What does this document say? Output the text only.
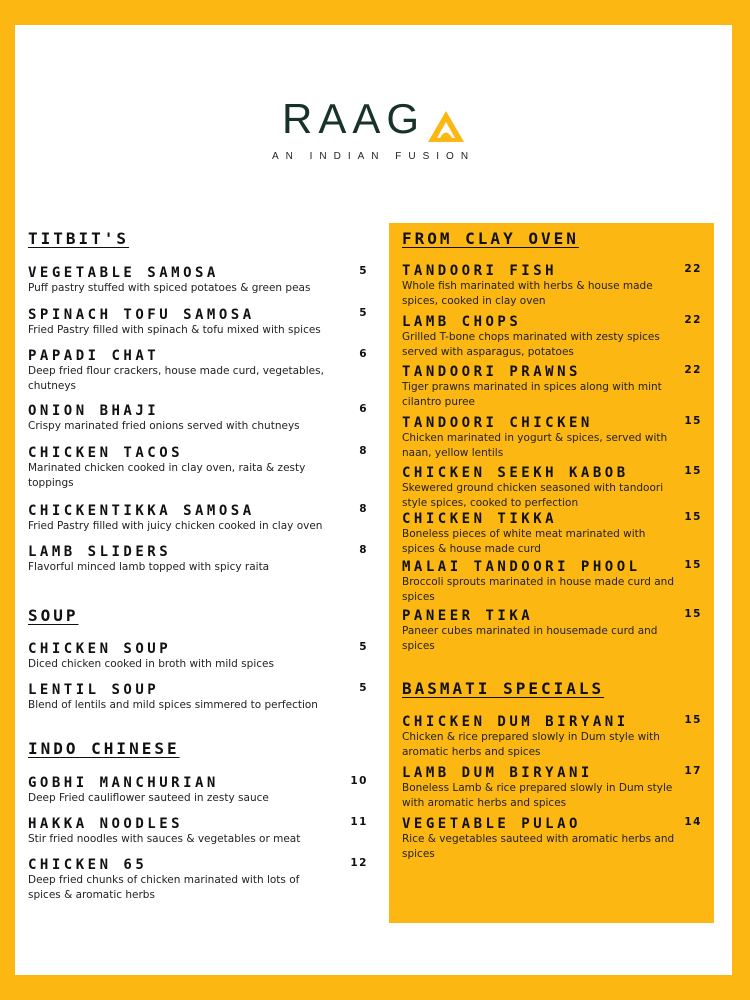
RAAG
AN INDIAN FUSION
TITBIT'S
VEGETABLE SAMOSA
Puff pastry stuffed with spiced potatoes & green peas
5
SPINACH TOFU SAMOSA
Fried Pastry filled with spinach & tofu mixed with spices
5
PAPADI CHAT
Deep fried flour crackers, house made curd, vegetables, chutneys
6
ONION BHAJI
Crispy marinated fried onions served with chutneys
6
CHICKEN TACOS
Marinated chicken cooked in clay oven, raita & zesty toppings
8
CHICKENTIKKA SAMOSA
Fried Pastry filled with juicy chicken cooked in clay oven
8
LAMB SLIDERS
Flavorful minced lamb topped with spicy raita
8
SOUP
CHICKEN SOUP
Diced chicken cooked in broth with mild spices
5
LENTIL SOUP
Blend of lentils and mild spices simmered to perfection
5
INDO CHINESE
GOBHI MANCHURIAN
Deep Fried cauliflower sauteed in zesty sauce
10
HAKKA NOODLES
Stir fried noodles with sauces & vegetables or meat
11
CHICKEN 65
Deep fried chunks of chicken marinated with lots of spices & aromatic herbs
12
FROM CLAY OVEN
TANDOORI FISH
Whole fish marinated with herbs & house made spices, cooked in clay oven
22
LAMB CHOPS
Grilled T-bone chops marinated with zesty spices served with asparagus, potatoes
22
TANDOORI PRAWNS
Tiger prawns marinated in spices along with mint cilantro puree
22
TANDOORI CHICKEN
Chicken marinated in yogurt & spices, served with naan, yellow lentils
15
CHICKEN SEEKH KABOB
Skewered ground chicken seasoned with tandoori style spices, cooked to perfection
15
CHICKEN TIKKA
Boneless pieces of white meat marinated with spices & house made curd
15
MALAI TANDOORI PHOOL
Broccoli sprouts marinated in house made curd and spices
15
PANEER TIKA
Paneer cubes marinated in housemade curd and spices
15
BASMATI SPECIALS
CHICKEN DUM BIRYANI
Chicken & rice prepared slowly in Dum style with aromatic herbs and spices
15
LAMB DUM BIRYANI
Boneless Lamb & rice prepared slowly in Dum style with aromatic herbs and spices
17
VEGETABLE PULAO
Rice & vegetables sauteed with aromatic herbs and spices
14
